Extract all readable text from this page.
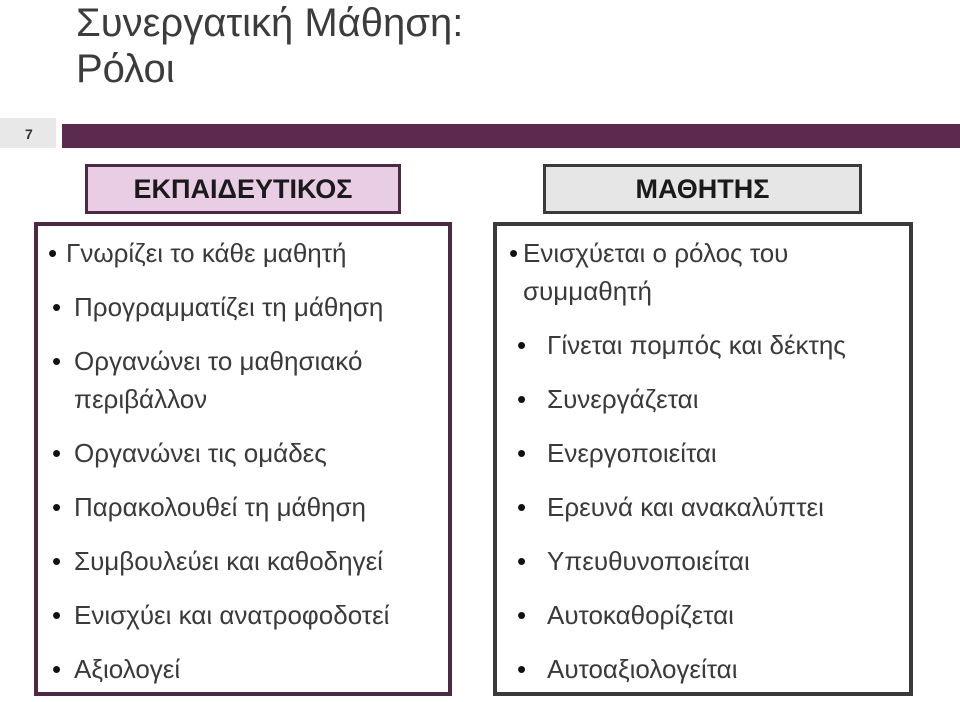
Συνεργατική Μάθηση:
Ρόλοι
7
ΕΚΠΑΙΔΕΥΤΙΚΟΣ	ΜΑΘΗΤΗΣ
• Γνωρίζει το κάθε μαθητή
• Προγραμματίζει τη μάθηση
• Οργανώνει το μαθησιακό περιβάλλον
• Οργανώνει τις ομάδες
• Παρακολουθεί τη μάθηση
• Συμβουλεύει και καθοδηγεί
• Ενισχύει και ανατροφοδοτεί
• Αξιολογεί
• Ενισχύεται ο ρόλος του συμμαθητή
• Γίνεται πομπός και δέκτης
• Συνεργάζεται
• Ενεργοποιείται
• Ερευνά και ανακαλύπτει
• Υπευθυνοποιείται
• Αυτοκαθορίζεται
• Αυτοαξιολογείται
